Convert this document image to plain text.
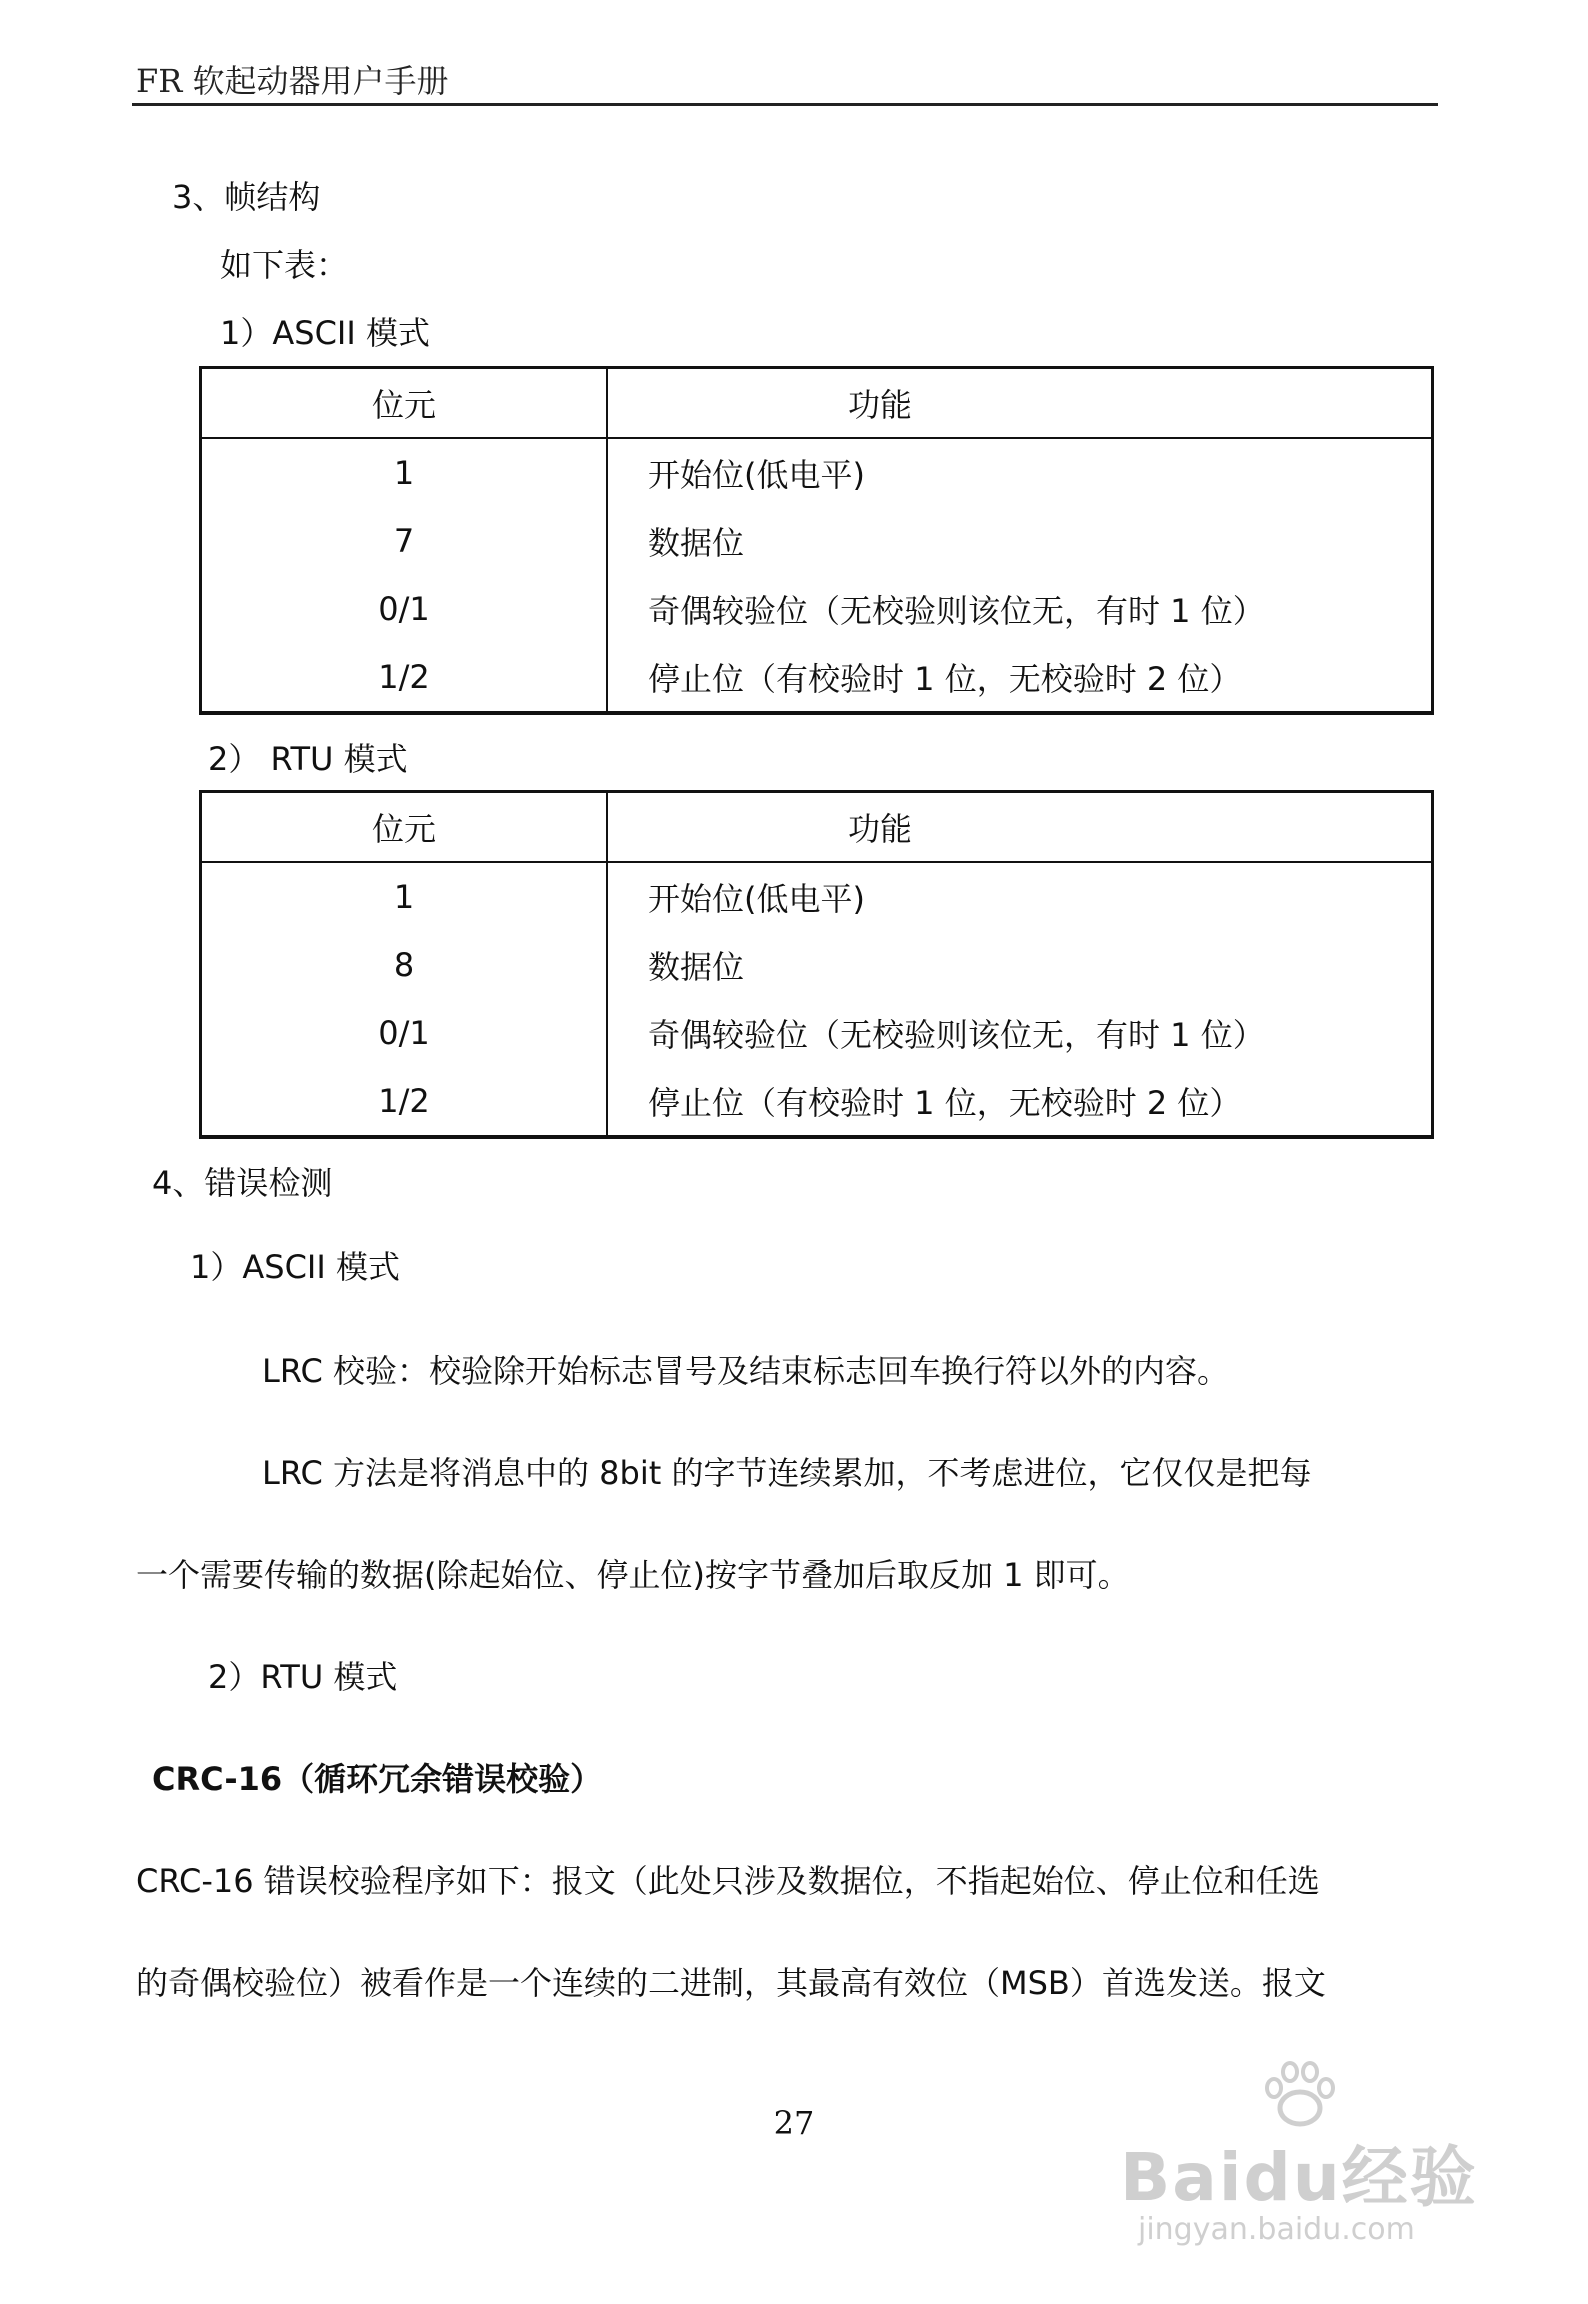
FR 软起动器用户手册
3、帧结构
如下表：
1）ASCII 模式
位元	功能
1	开始位(低电平)
7	数据位
0/1	奇偶较验位（无校验则该位无，有时 1 位）
1/2	停止位（有校验时 1 位，无校验时 2 位）
2） RTU 模式
位元	功能
1	开始位(低电平)
8	数据位
0/1	奇偶较验位（无校验则该位无，有时 1 位）
1/2	停止位（有校验时 1 位，无校验时 2 位）
4、错误检测
1）ASCII 模式
LRC 校验：校验除开始标志冒号及结束标志回车换行符以外的内容。
LRC 方法是将消息中的 8bit 的字节连续累加，不考虑进位，它仅仅是把每
一个需要传输的数据(除起始位、停止位)按字节叠加后取反加 1 即可。
2）RTU 模式
CRC-16（循环冗余错误校验）
CRC-16 错误校验程序如下：报文（此处只涉及数据位，不指起始位、停止位和任选
的奇偶校验位）被看作是一个连续的二进制，其最高有效位（MSB）首选发送。报文
27
Baidu经验
jingyan.baidu.com
